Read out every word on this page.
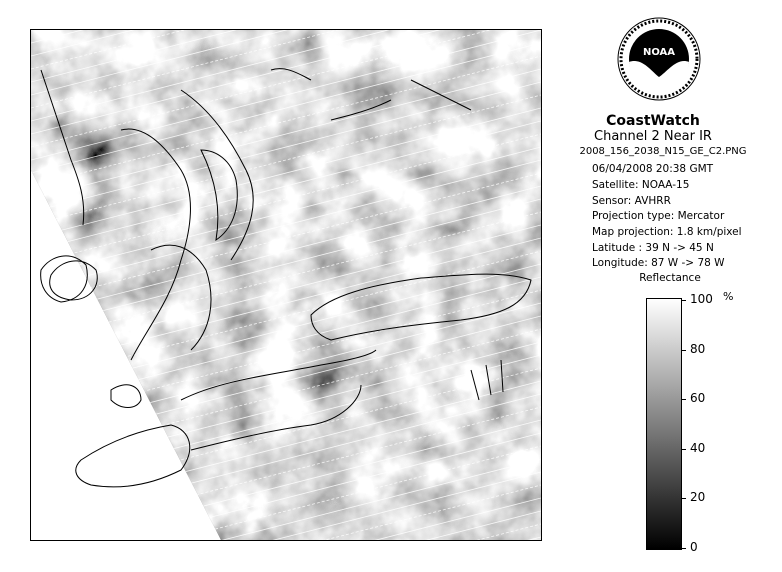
NOAA
CoastWatch
Channel 2 Near IR
2008_156_2038_N15_GE_C2.PNG
06/04/2008 20:38 GMT
Satellite: NOAA-15
Sensor: AVHRR
Projection type: Mercator
Map projection: 1.8 km/pixel
Latitude : 39 N -> 45 N
Longitude: 87 W -> 78 W
Reflectance
%
100
80
60
40
20
0
